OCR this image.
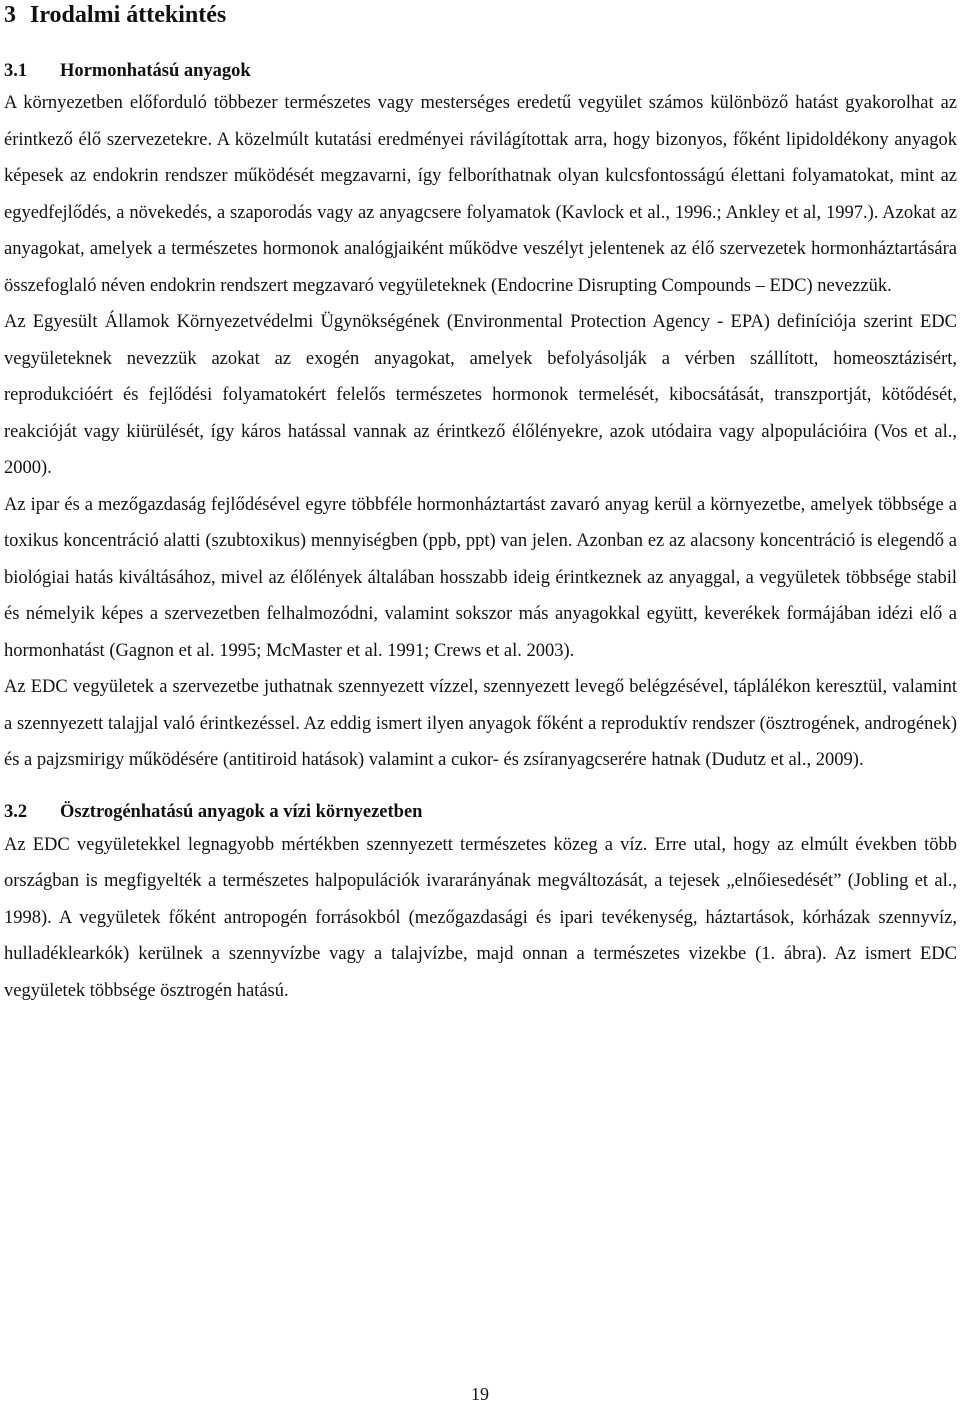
3 Irodalmi áttekintés
3.1	Hormonhatású anyagok

A környezetben előforduló többezer természetes vagy mesterséges eredetű vegyület számos különböző hatást gyakorolhat az érintkező élő szervezetekre. A közelmúlt kutatási eredményei rávilágítottak arra, hogy bizonyos, főként lipidoldékony anyagok képesek az endokrin rendszer működését megzavarni, így felboríthatnak olyan kulcsfontosságú élettani folyamatokat, mint az egyedfejlődés, a növekedés, a szaporodás vagy az anyagcsere folyamatok (Kavlock et al., 1996.; Ankley et al, 1997.). Azokat az anyagokat, amelyek a természetes hormonok analógjaiként működve veszélyt jelentenek az élő szervezetek hormonháztartására összefoglaló néven endokrin rendszert megzavaró vegyületeknek (Endocrine Disrupting Compounds – EDC) nevezzük.

Az Egyesült Államok Környezetvédelmi Ügynökségének (Environmental Protection Agency - EPA) definíciója szerint EDC vegyületeknek nevezzük azokat az exogén anyagokat, amelyek befolyásolják a vérben szállított, homeosztázisért, reprodukcióért és fejlődési folyamatokért felelős természetes hormonok termelését, kibocsátását, transzportját, kötődését, reakcióját vagy kiürülését, így káros hatással vannak az érintkező élőlényekre, azok utódaira vagy alpopulációira (Vos et al., 2000).

Az ipar és a mezőgazdaság fejlődésével egyre többféle hormonháztartást zavaró anyag kerül a környezetbe, amelyek többsége a toxikus koncentráció alatti (szubtoxikus) mennyiségben (ppb, ppt) van jelen. Azonban ez az alacsony koncentráció is elegendő a biológiai hatás kiváltásához, mivel az élőlények általában hosszabb ideig érintkeznek az anyaggal, a vegyületek többsége stabil és némelyik képes a szervezetben felhalmozódni, valamint sokszor más anyagokkal együtt, keverékek formájában idézi elő a hormonhatást (Gagnon et al. 1995; McMaster et al. 1991; Crews et al. 2003).

Az EDC vegyületek a szervezetbe juthatnak szennyezett vízzel, szennyezett levegő belégzésével, táplálékon keresztül, valamint a szennyezett talajjal való érintkezéssel. Az eddig ismert ilyen anyagok főként a reproduktív rendszer (ösztrogének, androgének) és a pajzsmirigy működésére (antitiroid hatások) valamint a cukor- és zsíranyagcserére hatnak (Dudutz et al., 2009).

3.2	Ösztrogénhatású anyagok a vízi környezetben

Az EDC vegyületekkel legnagyobb mértékben szennyezett természetes közeg a víz. Erre utal, hogy az elmúlt években több országban is megfigyelték a természetes halpopulációk ivararányának megváltozását, a tejesek „elnőiesedését” (Jobling et al., 1998). A vegyületek főként antropogén forrásokból (mezőgazdasági és ipari tevékenység, háztartások, kórházak szennyvíz, hulladéklearkók) kerülnek a szennyvízbe vagy a talajvízbe, majd onnan a természetes vizekbe (1. ábra). Az ismert EDC vegyületek többsége ösztrogén hatású.

19
